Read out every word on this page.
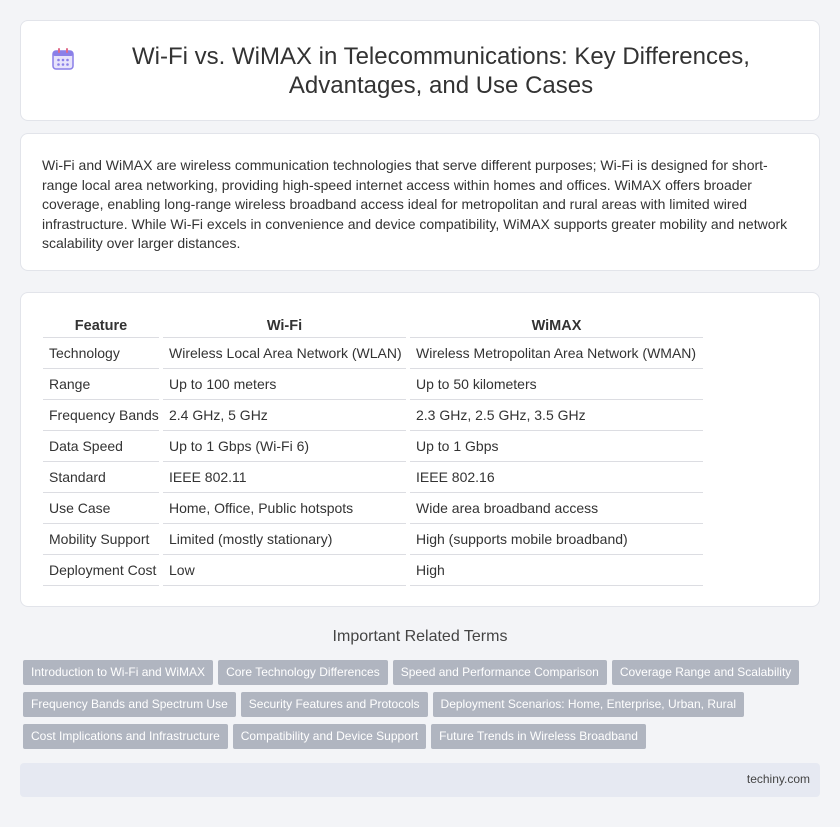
Wi-Fi vs. WiMAX in Telecommunications: Key Differences, Advantages, and Use Cases

Wi-Fi and WiMAX are wireless communication technologies that serve different purposes; Wi-Fi is designed for short-range local area networking, providing high-speed internet access within homes and offices. WiMAX offers broader coverage, enabling long-range wireless broadband access ideal for metropolitan and rural areas with limited wired infrastructure. While Wi-Fi excels in convenience and device compatibility, WiMAX supports greater mobility and network scalability over larger distances.

Feature	Wi-Fi	WiMAX
Technology	Wireless Local Area Network (WLAN)	Wireless Metropolitan Area Network (WMAN)
Range	Up to 100 meters	Up to 50 kilometers
Frequency Bands	2.4 GHz, 5 GHz	2.3 GHz, 2.5 GHz, 3.5 GHz
Data Speed	Up to 1 Gbps (Wi-Fi 6)	Up to 1 Gbps
Standard	IEEE 802.11	IEEE 802.16
Use Case	Home, Office, Public hotspots	Wide area broadband access
Mobility Support	Limited (mostly stationary)	High (supports mobile broadband)
Deployment Cost	Low	High
Important Related Terms
Introduction to Wi-Fi and WiMAX Core Technology Differences Speed and Performance Comparison Coverage Range and Scalability
Frequency Bands and Spectrum Use Security Features and Protocols Deployment Scenarios: Home, Enterprise, Urban, Rural
Cost Implications and Infrastructure Compatibility and Device Support Future Trends in Wireless Broadband
techiny.com
